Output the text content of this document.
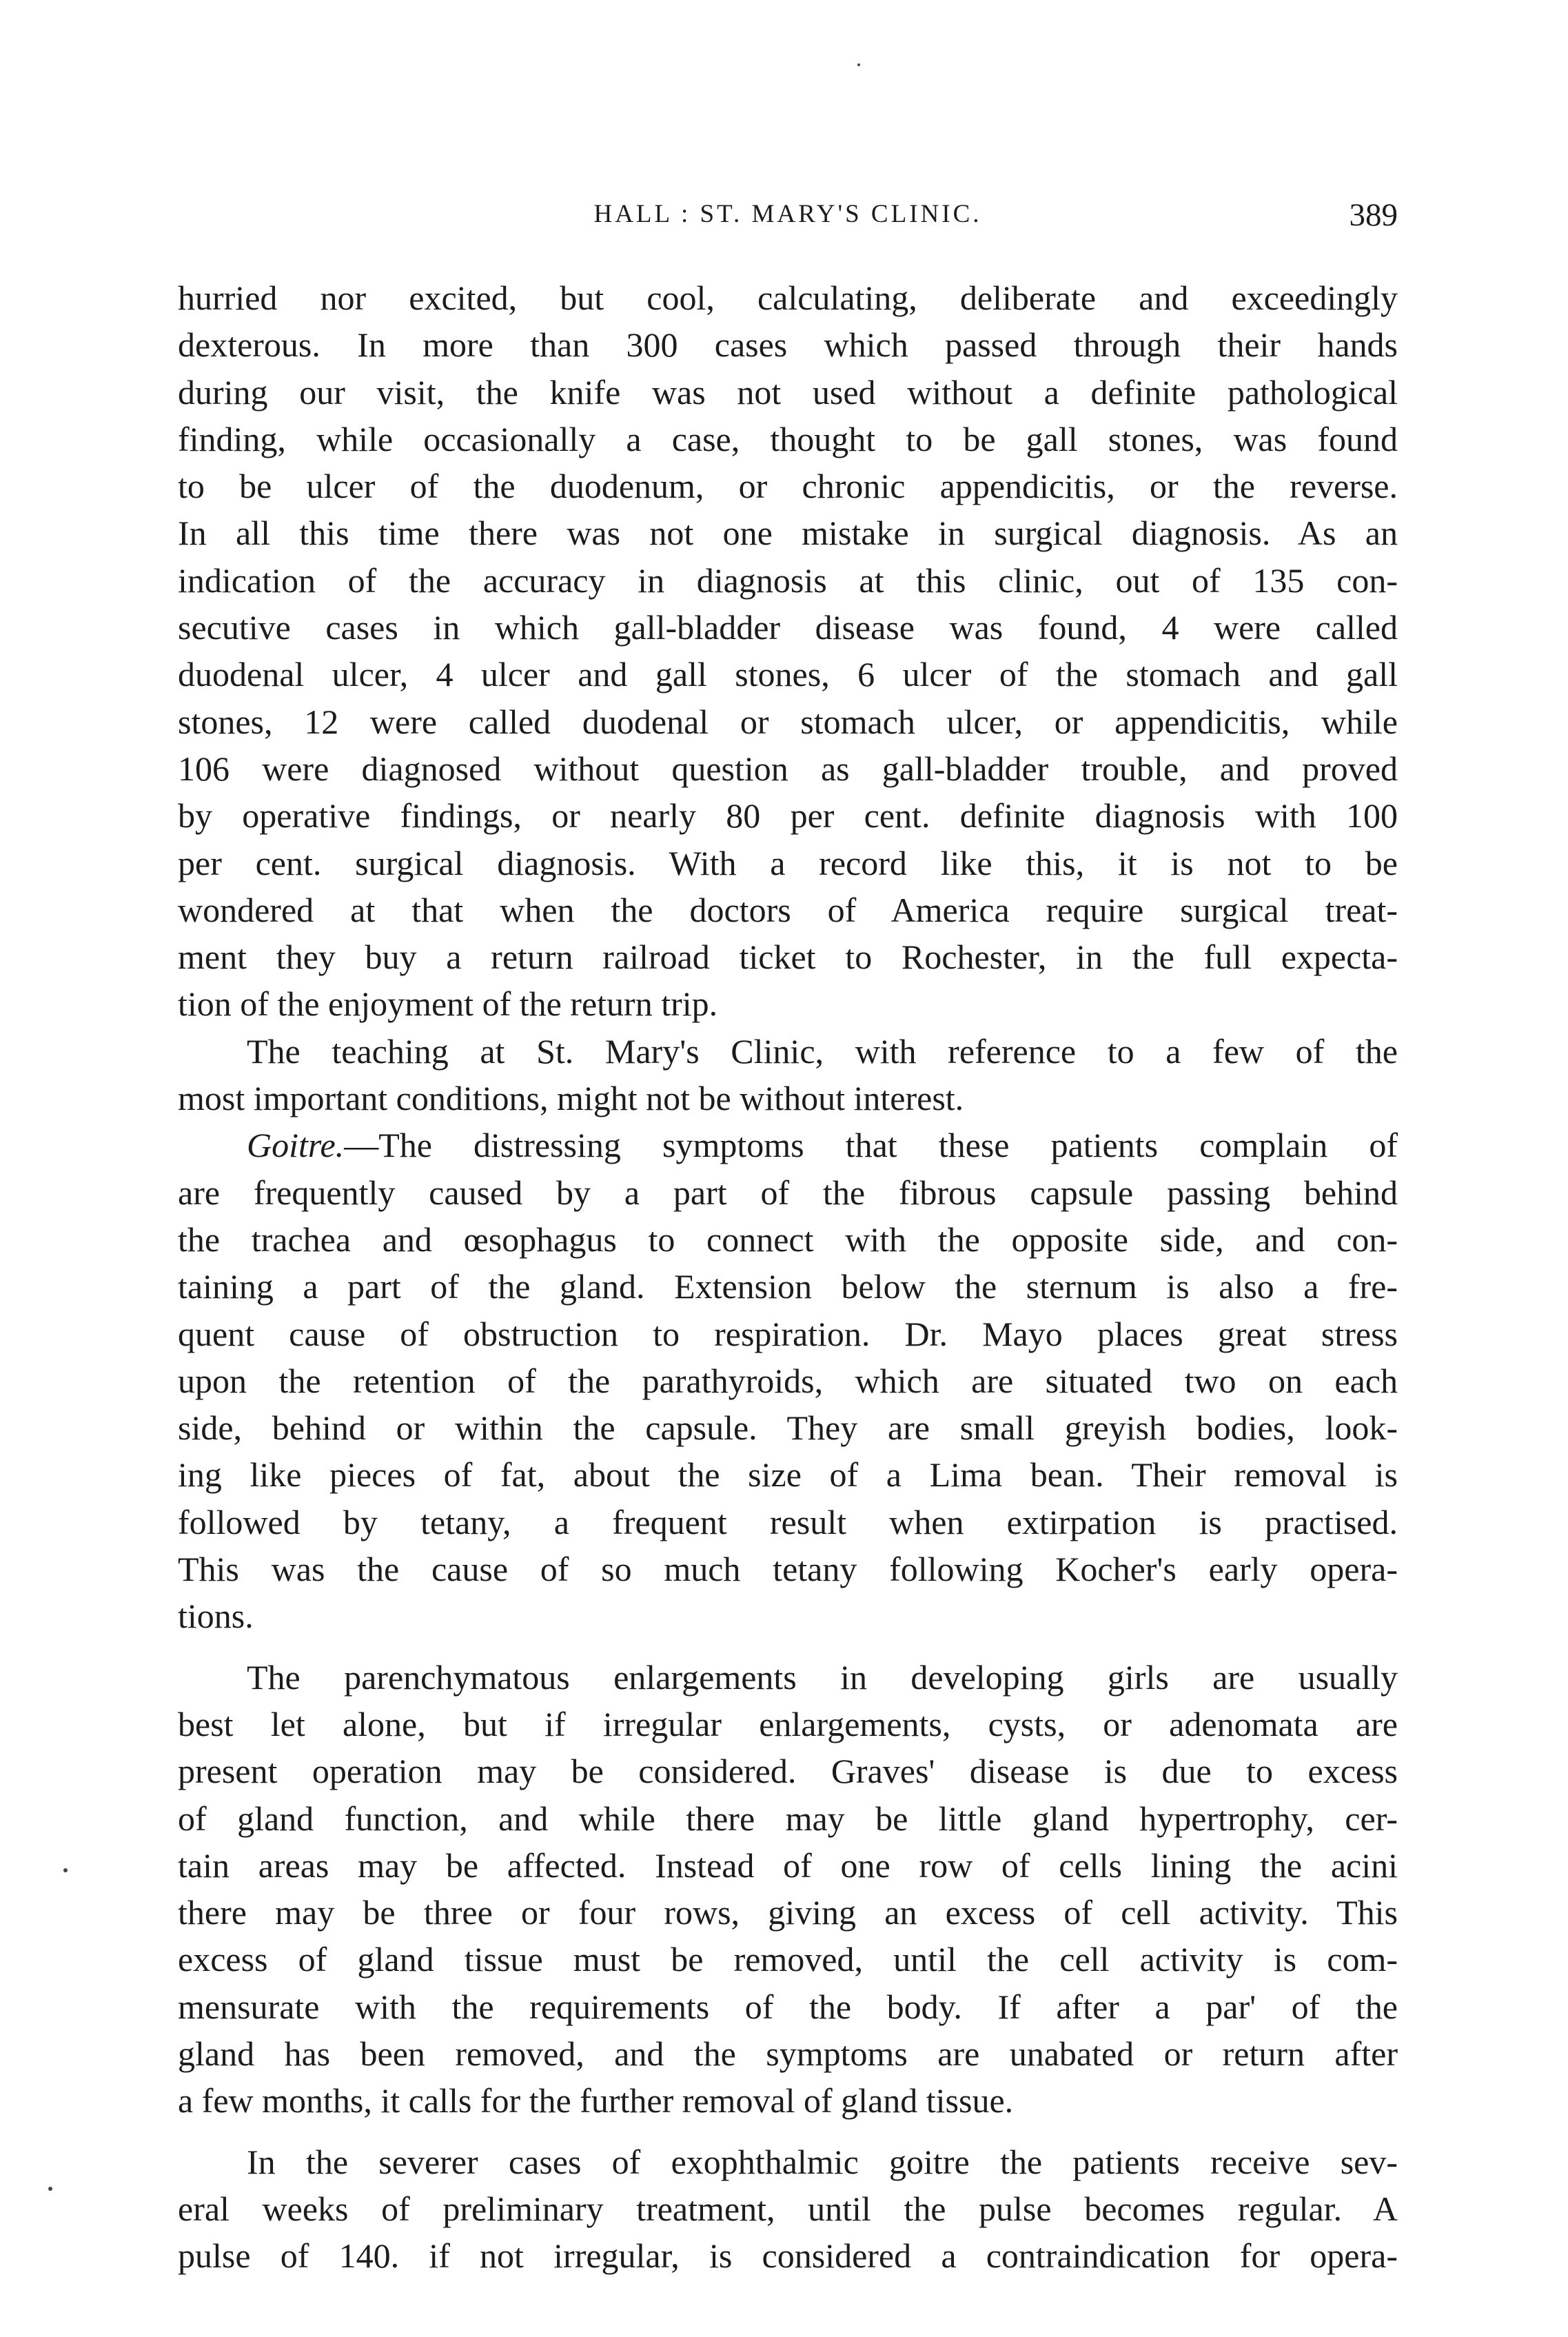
HALL : ST. MARY'S CLINIC.	389
hurried nor excited, but cool, calculating, deliberate and exceedingly
dexterous. In more than 300 cases which passed through their hands
during our visit, the knife was not used without a definite pathological
finding, while occasionally a case, thought to be gall stones, was found
to be ulcer of the duodenum, or chronic appendicitis, or the reverse.
In all this time there was not one mistake in surgical diagnosis. As an
indication of the accuracy in diagnosis at this clinic, out of 135 con-
secutive cases in which gall-bladder disease was found, 4 were called
duodenal ulcer, 4 ulcer and gall stones, 6 ulcer of the stomach and gall
stones, 12 were called duodenal or stomach ulcer, or appendicitis, while
106 were diagnosed without question as gall-bladder trouble, and proved
by operative findings, or nearly 80 per cent. definite diagnosis with 100
per cent. surgical diagnosis. With a record like this, it is not to be
wondered at that when the doctors of America require surgical treat-
ment they buy a return railroad ticket to Rochester, in the full expecta-
tion of the enjoyment of the return trip.
The teaching at St. Mary's Clinic, with reference to a few of the
most important conditions, might not be without interest.
Goitre.—The distressing symptoms that these patients complain of
are frequently caused by a part of the fibrous capsule passing behind
the trachea and œsophagus to connect with the opposite side, and con-
taining a part of the gland. Extension below the sternum is also a fre-
quent cause of obstruction to respiration. Dr. Mayo places great stress
upon the retention of the parathyroids, which are situated two on each
side, behind or within the capsule. They are small greyish bodies, look-
ing like pieces of fat, about the size of a Lima bean. Their removal is
followed by tetany, a frequent result when extirpation is practised.
This was the cause of so much tetany following Kocher's early opera-
tions.
The parenchymatous enlargements in developing girls are usually
best let alone, but if irregular enlargements, cysts, or adenomata are
present operation may be considered. Graves' disease is due to excess
of gland function, and while there may be little gland hypertrophy, cer-
tain areas may be affected. Instead of one row of cells lining the acini
there may be three or four rows, giving an excess of cell activity. This
excess of gland tissue must be removed, until the cell activity is com-
mensurate with the requirements of the body. If after a par' of the
gland has been removed, and the symptoms are unabated or return after
a few months, it calls for the further removal of gland tissue.
In the severer cases of exophthalmic goitre the patients receive sev-
eral weeks of preliminary treatment, until the pulse becomes regular. A
pulse of 140. if not irregular, is considered a contraindication for opera-
